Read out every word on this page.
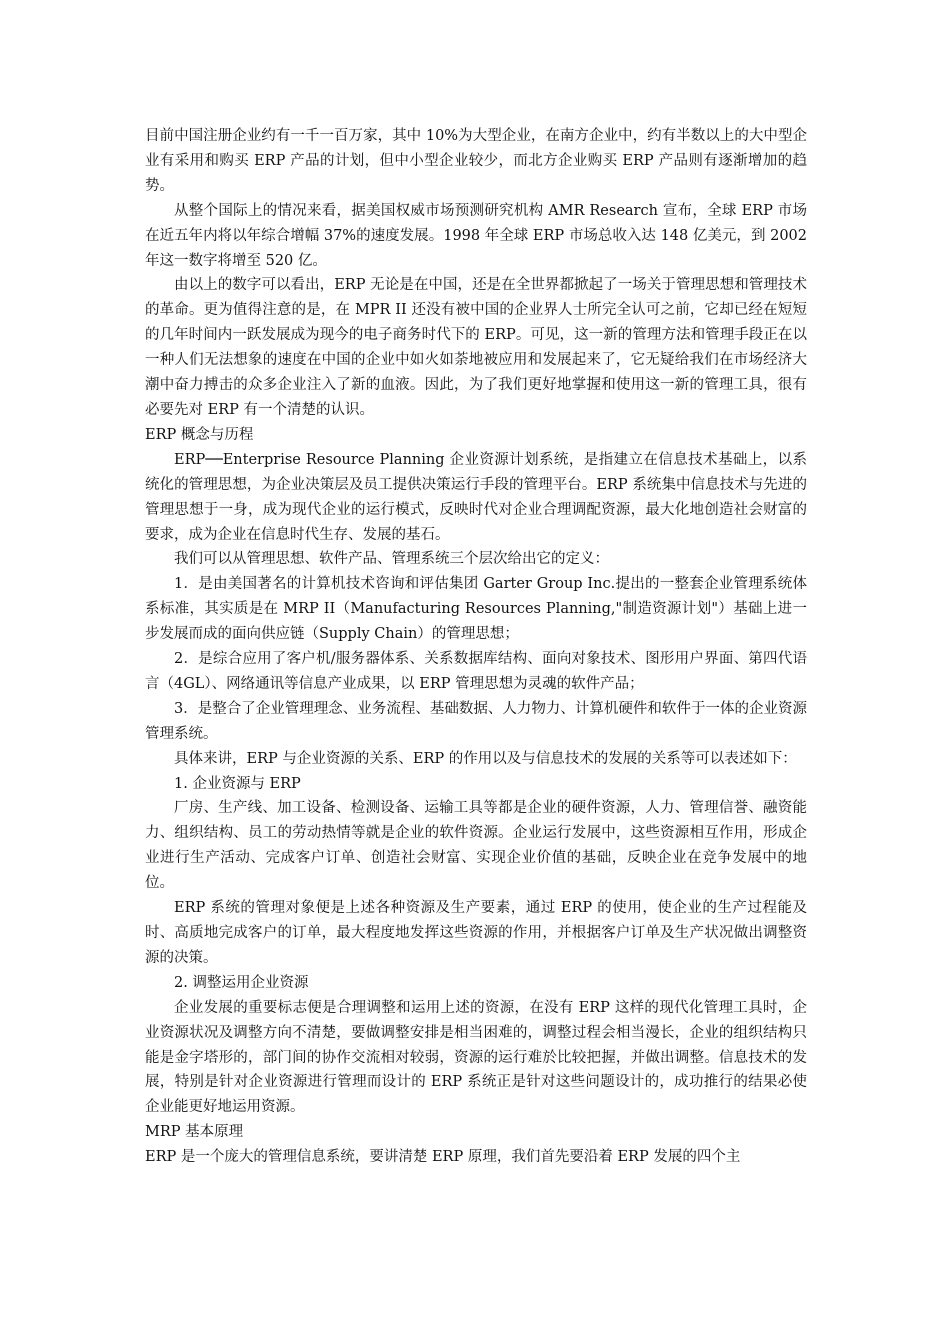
目前中国注册企业约有一千一百万家，其中 10%为大型企业，在南方企业中，约有半数以上的大中型企业有采用和购买 ERP 产品的计划，但中小型企业较少，而北方企业购买 ERP 产品则有逐渐增加的趋势。

从整个国际上的情况来看，据美国权威市场预测研究机构 AMR Research 宣布，全球 ERP 市场在近五年内将以年综合增幅 37%的速度发展。1998 年全球 ERP 市场总收入达 148 亿美元，到 2002 年这一数字将增至 520 亿。

由以上的数字可以看出，ERP 无论是在中国，还是在全世界都掀起了一场关于管理思想和管理技术的革命。更为值得注意的是，在 MPR II 还没有被中国的企业界人士所完全认可之前，它却已经在短短的几年时间内一跃发展成为现今的电子商务时代下的 ERP。可见，这一新的管理方法和管理手段正在以一种人们无法想象的速度在中国的企业中如火如荼地被应用和发展起来了，它无疑给我们在市场经济大潮中奋力搏击的众多企业注入了新的血液。因此，为了我们更好地掌握和使用这一新的管理工具，很有必要先对 ERP 有一个清楚的认识。

ERP 概念与历程

ERP──Enterprise Resource Planning 企业资源计划系统，是指建立在信息技术基础上，以系统化的管理思想，为企业决策层及员工提供决策运行手段的管理平台。ERP 系统集中信息技术与先进的管理思想于一身，成为现代企业的运行模式，反映时代对企业合理调配资源，最大化地创造社会财富的要求，成为企业在信息时代生存、发展的基石。

我们可以从管理思想、软件产品、管理系统三个层次给出它的定义：

1．是由美国著名的计算机技术咨询和评估集团 Garter Group Inc.提出的一整套企业管理系统体系标准，其实质是在 MRP II（Manufacturing Resources Planning,"制造资源计划"）基础上进一步发展而成的面向供应链（Supply Chain）的管理思想；

2．是综合应用了客户机/服务器体系、关系数据库结构、面向对象技术、图形用户界面、第四代语言（4GL）、网络通讯等信息产业成果，以 ERP 管理思想为灵魂的软件产品；

3．是整合了企业管理理念、业务流程、基础数据、人力物力、计算机硬件和软件于一体的企业资源管理系统。

具体来讲，ERP 与企业资源的关系、ERP 的作用以及与信息技术的发展的关系等可以表述如下：

1. 企业资源与 ERP

厂房、生产线、加工设备、检测设备、运输工具等都是企业的硬件资源，人力、管理信誉、融资能力、组织结构、员工的劳动热情等就是企业的软件资源。企业运行发展中，这些资源相互作用，形成企业进行生产活动、完成客户订单、创造社会财富、实现企业价值的基础，反映企业在竞争发展中的地位。

ERP 系统的管理对象便是上述各种资源及生产要素，通过 ERP 的使用，使企业的生产过程能及时、高质地完成客户的订单，最大程度地发挥这些资源的作用，并根据客户订单及生产状况做出调整资源的决策。

2. 调整运用企业资源

企业发展的重要标志便是合理调整和运用上述的资源，在没有 ERP 这样的现代化管理工具时，企业资源状况及调整方向不清楚，要做调整安排是相当困难的，调整过程会相当漫长，企业的组织结构只能是金字塔形的，部门间的协作交流相对较弱，资源的运行难於比较把握，并做出调整。信息技术的发展，特别是针对企业资源进行管理而设计的 ERP 系统正是针对这些问题设计的，成功推行的结果必使企业能更好地运用资源。

MRP 基本原理

ERP 是一个庞大的管理信息系统，要讲清楚 ERP 原理，我们首先要沿着 ERP 发展的四个主
